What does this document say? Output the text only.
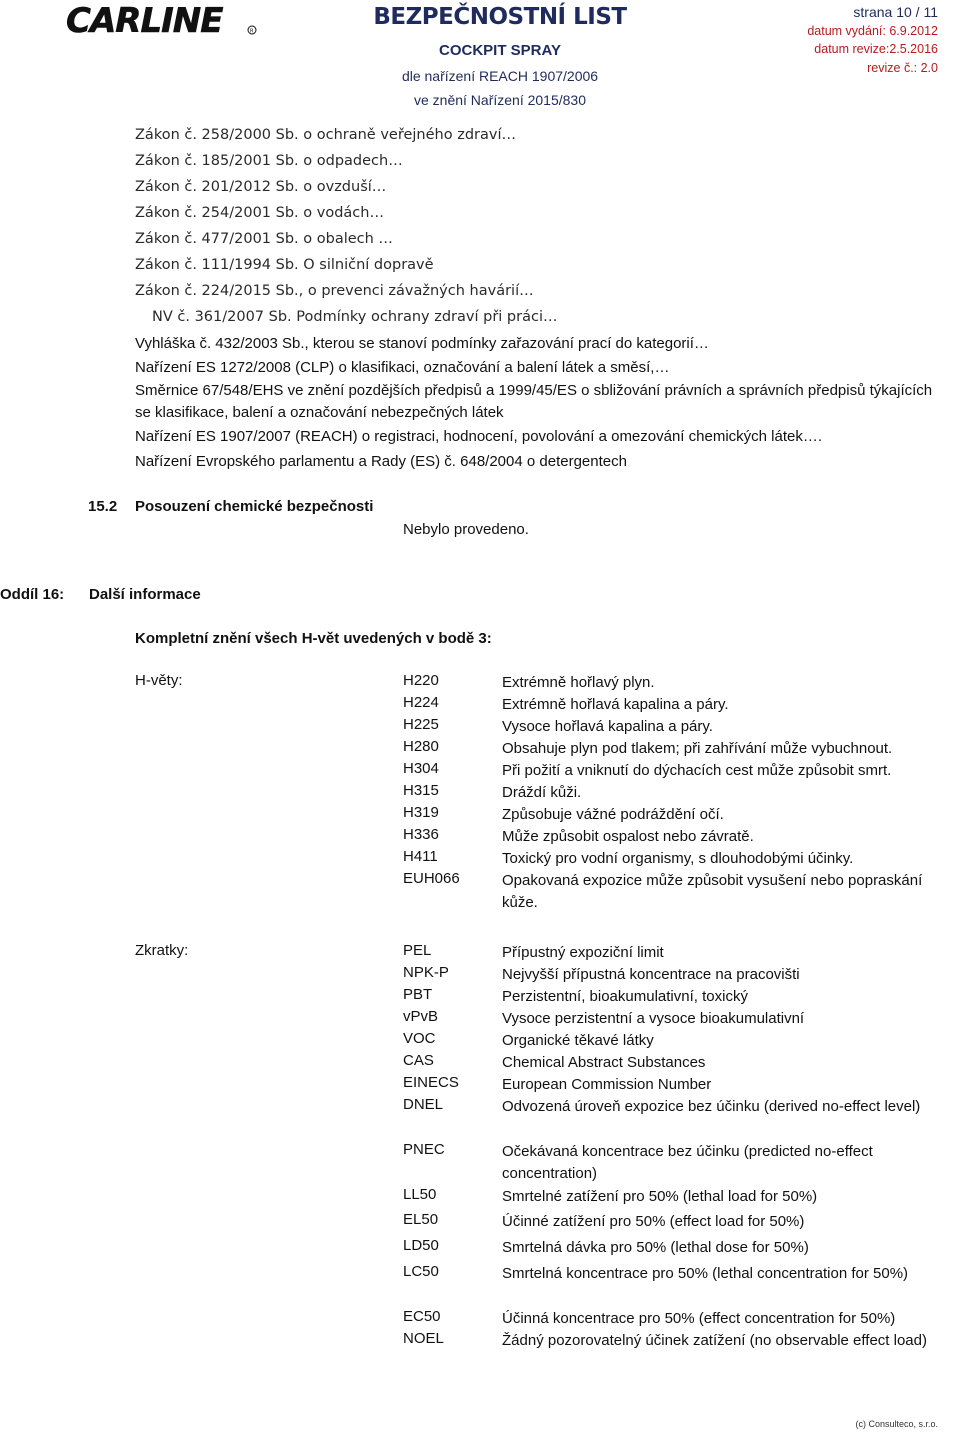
CARLINE	R
BEZPEČNOSTNÍ LIST
COCKPIT SPRAY
dle nařízení REACH 1907/2006
ve znění Nařízení 2015/830
strana 10 / 11
datum vydání: 6.9.2012
datum revize:2.5.2016
revize č.: 2.0
Zákon č. 258/2000 Sb. o ochraně veřejného zdraví…
Zákon č. 185/2001 Sb. o odpadech…
Zákon č. 201/2012 Sb. o ovzduší…
Zákon č. 254/2001 Sb. o vodách…
Zákon č. 477/2001 Sb. o obalech …
Zákon č. 111/1994 Sb. O silniční dopravě
Zákon č. 224/2015 Sb., o prevenci závažných havárií…
NV č. 361/2007 Sb. Podmínky ochrany zdraví při práci…
Vyhláška č. 432/2003 Sb., kterou se stanoví podmínky zařazování prací do kategorií…
Nařízení ES 1272/2008 (CLP) o klasifikaci, označování a balení látek a směsí,…
Směrnice 67/548/EHS ve znění pozdějších předpisů a 1999/45/ES o sbližování právních a správních předpisů týkajících se klasifikace, balení a označování nebezpečných látek
Nařízení ES 1907/2007 (REACH) o registraci, hodnocení, povolování a omezování chemických látek….
Nařízení Evropského parlamentu a Rady (ES) č. 648/2004 o detergentech
15.2 Posouzení chemické bezpečnosti
Nebylo provedeno.
Oddíl 16: Další informace
Kompletní znění všech H-vět uvedených v bodě 3:
H-věty:	H220	Extrémně hořlavý plyn.
H224	Extrémně hořlavá kapalina a páry.
H225	Vysoce hořlavá kapalina a páry.
H280	Obsahuje plyn pod tlakem; při zahřívání může vybuchnout.
H304	Při požití a vniknutí do dýchacích cest může způsobit smrt.
H315	Dráždí kůži.
H319	Způsobuje vážné podráždění očí.
H336	Může způsobit ospalost nebo závratě.
H411	Toxický pro vodní organismy, s dlouhodobými účinky.
EUH066	Opakovaná expozice může způsobit vysušení nebo popraskání kůže.
Zkratky:	PEL	Přípustný expoziční limit
NPK-P	Nejvyšší přípustná koncentrace na pracovišti
PBT	Perzistentní, bioakumulativní, toxický
vPvB	Vysoce perzistentní a vysoce bioakumulativní
VOC	Organické těkavé látky
CAS	Chemical Abstract Substances
EINECS	European Commission Number
DNEL	Odvozená úroveň expozice bez účinku (derived no-effect level)
PNEC	Očekávaná koncentrace bez účinku (predicted no-effect concentration)
LL50	Smrtelné zatížení pro 50% (lethal load for 50%)
EL50	Účinné zatížení pro 50% (effect load for 50%)
LD50	Smrtelná dávka pro 50% (lethal dose for 50%)
LC50	Smrtelná koncentrace pro 50% (lethal concentration for 50%)
EC50	Účinná koncentrace pro 50% (effect concentration for 50%)
NOEL	Žádný pozorovatelný účinek zatížení (no observable effect load)
(c) Consulteco, s.r.o.
